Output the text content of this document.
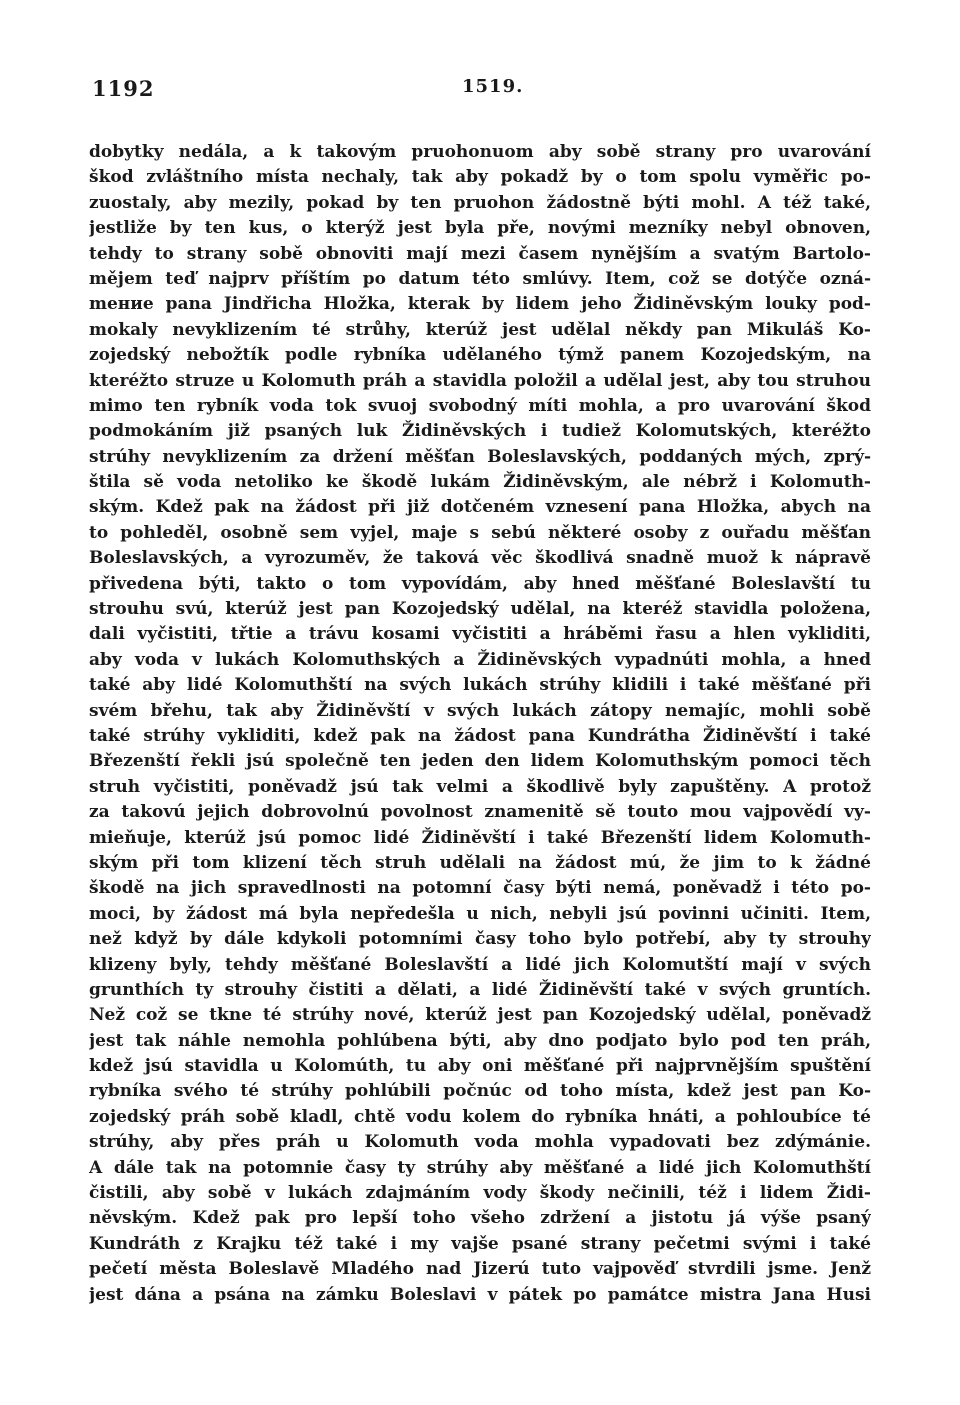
1192	1519.
dobytky nedála, a k takovým pruohonuom aby sobě strany pro uvarování
škod zvláštního místa nechaly, tak aby pokadž by o tom spolu vyměřic po-
zuostaly, aby mezily, pokad by ten pruohon žádostně býti mohl. A též také,
jestliže by ten kus, o kterýž jest byla pře, novými mezníky nebyl obnoven,
tehdy to strany sobě obnoviti mají mezi časem nynějším a svatým Bartolo-
mějem teď najprv příštím po datum této smlúvy. Item, což se dotýče ozná-
mение pana Jindřicha Hložka, kterak by lidem jeho Židiněvským louky pod-
mokaly nevyklizením té strůhy, kterúž jest udělal někdy pan Mikuláš Ko-
zojedský nebožtík podle rybníka udělaného týmž panem Kozojedským, na
kteréžto struze u Kolomuth práh a stavidla položil a udělal jest, aby tou struhou
mimo ten rybník voda tok svuoj svobodný míti mohla, a pro uvarování škod
podmokáním již psaných luk Židiněvských i tudiež Kolomutských, kteréžto
strúhy nevyklizením za držení měšťan Boleslavských, poddaných mých, zprý-
štila sě voda netoliko ke škodě lukám Židiněvským, ale nébrž i Kolomuth-
ským. Kdež pak na žádost při již dotčeném vznesení pana Hložka, abych na
to pohleděl, osobně sem vyjel, maje s sebú některé osoby z ouřadu měšťan
Boleslavských, a vyrozuměv, že taková věc škodlivá snadně muož k nápravě
přivedena býti, takto o tom vypovídám, aby hned měšťané Boleslavští tu
strouhu svú, kterúž jest pan Kozojedský udělal, na kteréž stavidla položena,
dali vyčistiti, třtie a trávu kosami vyčistiti a hráběmi řasu a hlen vykliditi,
aby voda v lukách Kolomuthských a Židiněvských vypadnúti mohla, a hned
také aby lidé Kolomuthští na svých lukách strúhy klidili i také měšťané při
svém břehu, tak aby Židiněvští v svých lukách zátopy nemajíc, mohli sobě
také strúhy vykliditi, kdež pak na žádost pana Kundrátha Židiněvští i také
Březenští řekli jsú společně ten jeden den lidem Kolomuthským pomoci těch
struh vyčistiti, poněvadž jsú tak velmi a škodlivě byly zapuštěny. A protož
za takovú jejich dobrovolnú povolnost znamenitě sě touto mou vajpovědí vy-
mieňuje, kterúž jsú pomoc lidé Židiněvští i také Březenští lidem Kolomuth-
ským při tom klizení těch struh udělali na žádost mú, že jim to k žádné
škodě na jich spravedlnosti na potomní časy býti nemá, poněvadž i této po-
moci, by žádost má byla nepředešla u nich, nebyli jsú povinni učiniti. Item,
než když by dále kdykoli potomními časy toho bylo potřebí, aby ty strouhy
klizeny byly, tehdy měšťané Boleslavští a lidé jich Kolomutští mají v svých
grunthích ty strouhy čistiti a dělati, a lidé Židiněvští také v svých gruntích.
Než což se tkne té strúhy nové, kterúž jest pan Kozojedský udělal, poněvadž
jest tak náhle nemohla pohlúbena býti, aby dno podjato bylo pod ten práh,
kdež jsú stavidla u Kolomúth, tu aby oni měšťané při najprvnějším spuštění
rybníka svého té strúhy pohlúbili počnúc od toho místa, kdež jest pan Ko-
zojedský práh sobě kladl, chtě vodu kolem do rybníka hnáti, a pohloubíce té
strúhy, aby přes práh u Kolomuth voda mohla vypadovati bez zdýmánie.
A dále tak na potomnie časy ty strúhy aby měšťané a lidé jich Kolomuthští
čistili, aby sobě v lukách zdajmáním vody škody nečinili, též i lidem Židi-
něvským. Kdež pak pro lepší toho všeho zdržení a jistotu já výše psaný
Kundráth z Krajku též také i my vajše psané strany pečetmi svými i také
pečetí města Boleslavě Mladého nad Jizerú tuto vajpověď stvrdili jsme. Jenž
jest dána a psána na zámku Boleslavi v pátek po památce mistra Jana Husi
